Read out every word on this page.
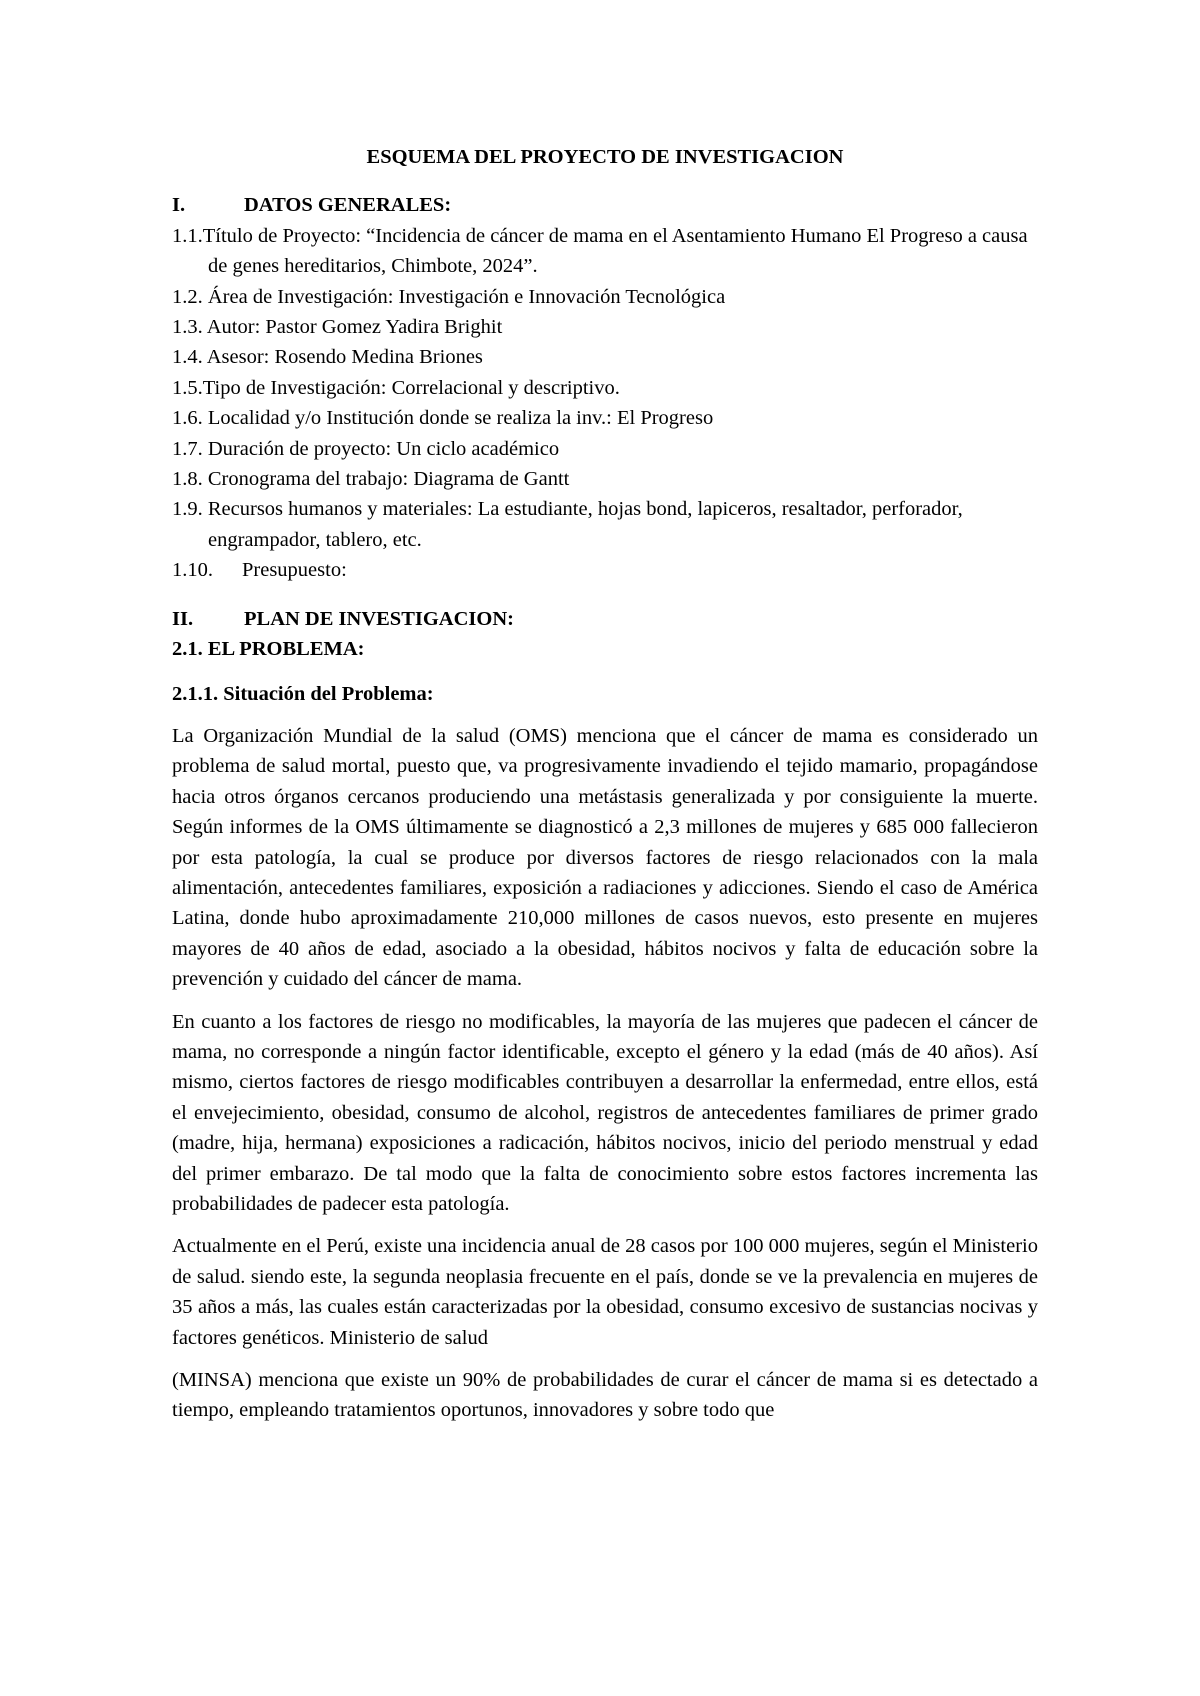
ESQUEMA DEL PROYECTO DE INVESTIGACION
I.	DATOS GENERALES:
1.1.Título de Proyecto: “Incidencia de cáncer de mama en el Asentamiento Humano El Progreso a causa de genes hereditarios, Chimbote, 2024”.
1.2. Área de Investigación: Investigación e Innovación Tecnológica
1.3. Autor: Pastor Gomez Yadira Brighit
1.4. Asesor: Rosendo Medina Briones
1.5.Tipo de Investigación: Correlacional y descriptivo.
1.6. Localidad y/o Institución donde se realiza la inv.: El Progreso
1.7. Duración de proyecto: Un ciclo académico
1.8. Cronograma del trabajo: Diagrama de Gantt
1.9. Recursos humanos y materiales: La estudiante, hojas bond, lapiceros, resaltador, perforador, engrampador, tablero, etc.
1.10. Presupuesto:
II.	PLAN DE INVESTIGACION:
2.1. EL PROBLEMA:
2.1.1. Situación del Problema:

La Organización Mundial de la salud (OMS) menciona que el cáncer de mama es considerado un problema de salud mortal, puesto que, va progresivamente invadiendo el tejido mamario, propagándose hacia otros órganos cercanos produciendo una metástasis generalizada y por consiguiente la muerte. Según informes de la OMS últimamente se diagnosticó a 2,3 millones de mujeres y 685 000 fallecieron por esta patología, la cual se produce por diversos factores de riesgo relacionados con la mala alimentación, antecedentes familiares, exposición a radiaciones y adicciones. Siendo el caso de América Latina, donde hubo aproximadamente 210,000 millones de casos nuevos, esto presente en mujeres mayores de 40 años de edad, asociado a la obesidad, hábitos nocivos y falta de educación sobre la prevención y cuidado del cáncer de mama.

En cuanto a los factores de riesgo no modificables, la mayoría de las mujeres que padecen el cáncer de mama, no corresponde a ningún factor identificable, excepto el género y la edad (más de 40 años). Así mismo, ciertos factores de riesgo modificables contribuyen a desarrollar la enfermedad, entre ellos, está el envejecimiento, obesidad, consumo de alcohol, registros de antecedentes familiares de primer grado (madre, hija, hermana) exposiciones a radicación, hábitos nocivos, inicio del periodo menstrual y edad del primer embarazo. De tal modo que la falta de conocimiento sobre estos factores incrementa las probabilidades de padecer esta patología.

Actualmente en el Perú, existe una incidencia anual de 28 casos por 100 000 mujeres, según el Ministerio de salud. siendo este, la segunda neoplasia frecuente en el país, donde se ve la prevalencia en mujeres de 35 años a más, las cuales están caracterizadas por la obesidad, consumo excesivo de sustancias nocivas y factores genéticos. Ministerio de salud

(MINSA) menciona que existe un 90% de probabilidades de curar el cáncer de mama si es detectado a tiempo, empleando tratamientos oportunos, innovadores y sobre todo que
